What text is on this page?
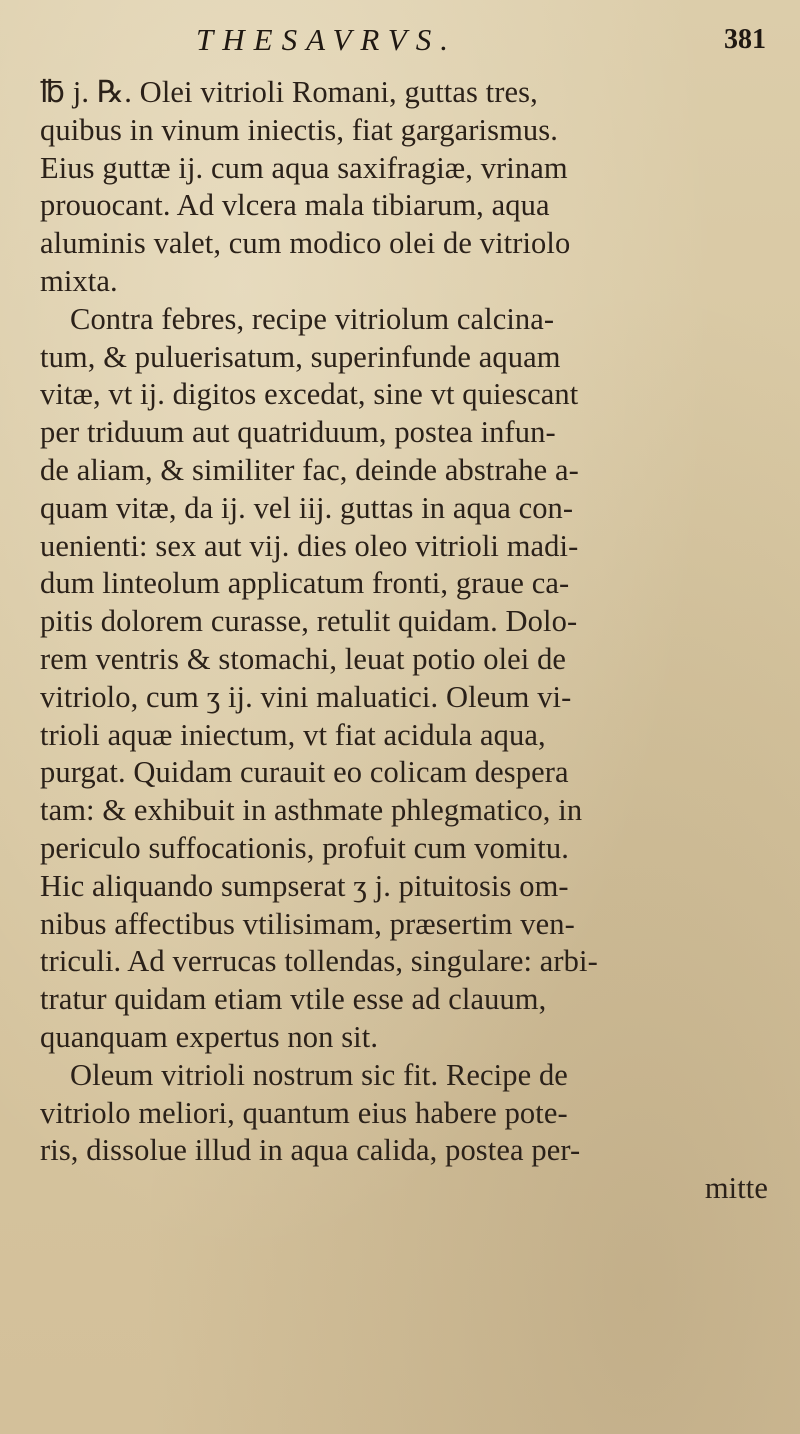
THESAVRVS.	381
℔ j. ℞. Olei vitrioli Romani, guttas tres,
quibus in vinum iniectis, fiat gargarismus.
Eius guttæ ij. cum aqua saxifragiæ, vrinam
prouocant. Ad vlcera mala tibiarum, aqua
aluminis valet, cum modico olei de vitriolo
mixta.
Contra febres, recipe vitriolum calcina-
tum, & puluerisatum, superinfunde aquam
vitæ, vt ij. digitos excedat, sine vt quiescant
per triduum aut quatriduum, postea infun-
de aliam, & similiter fac, deinde abstrahe a-
quam vitæ, da ij. vel iij. guttas in aqua con-
uenienti: sex aut vij. dies oleo vitrioli madi-
dum linteolum applicatum fronti, graue ca-
pitis dolorem curasse, retulit quidam. Dolo-
rem ventris & stomachi, leuat potio olei de
vitriolo, cum ʒ ij. vini maluatici. Oleum vi-
trioli aquæ iniectum, vt fiat acidula aqua,
purgat. Quidam curauit eo colicam despera
tam: & exhibuit in asthmate phlegmatico, in
periculo suffocationis, profuit cum vomitu.
Hic aliquando sumpserat ʒ j. pituitosis om-
nibus affectibus vtilisimam, præsertim ven-
triculi. Ad verrucas tollendas, singulare: arbi-
tratur quidam etiam vtile esse ad clauum,
quanquam expertus non sit.
Oleum vitrioli nostrum sic fit. Recipe de
vitriolo meliori, quantum eius habere pote-
ris, dissolue illud in aqua calida, postea per-
mitte
